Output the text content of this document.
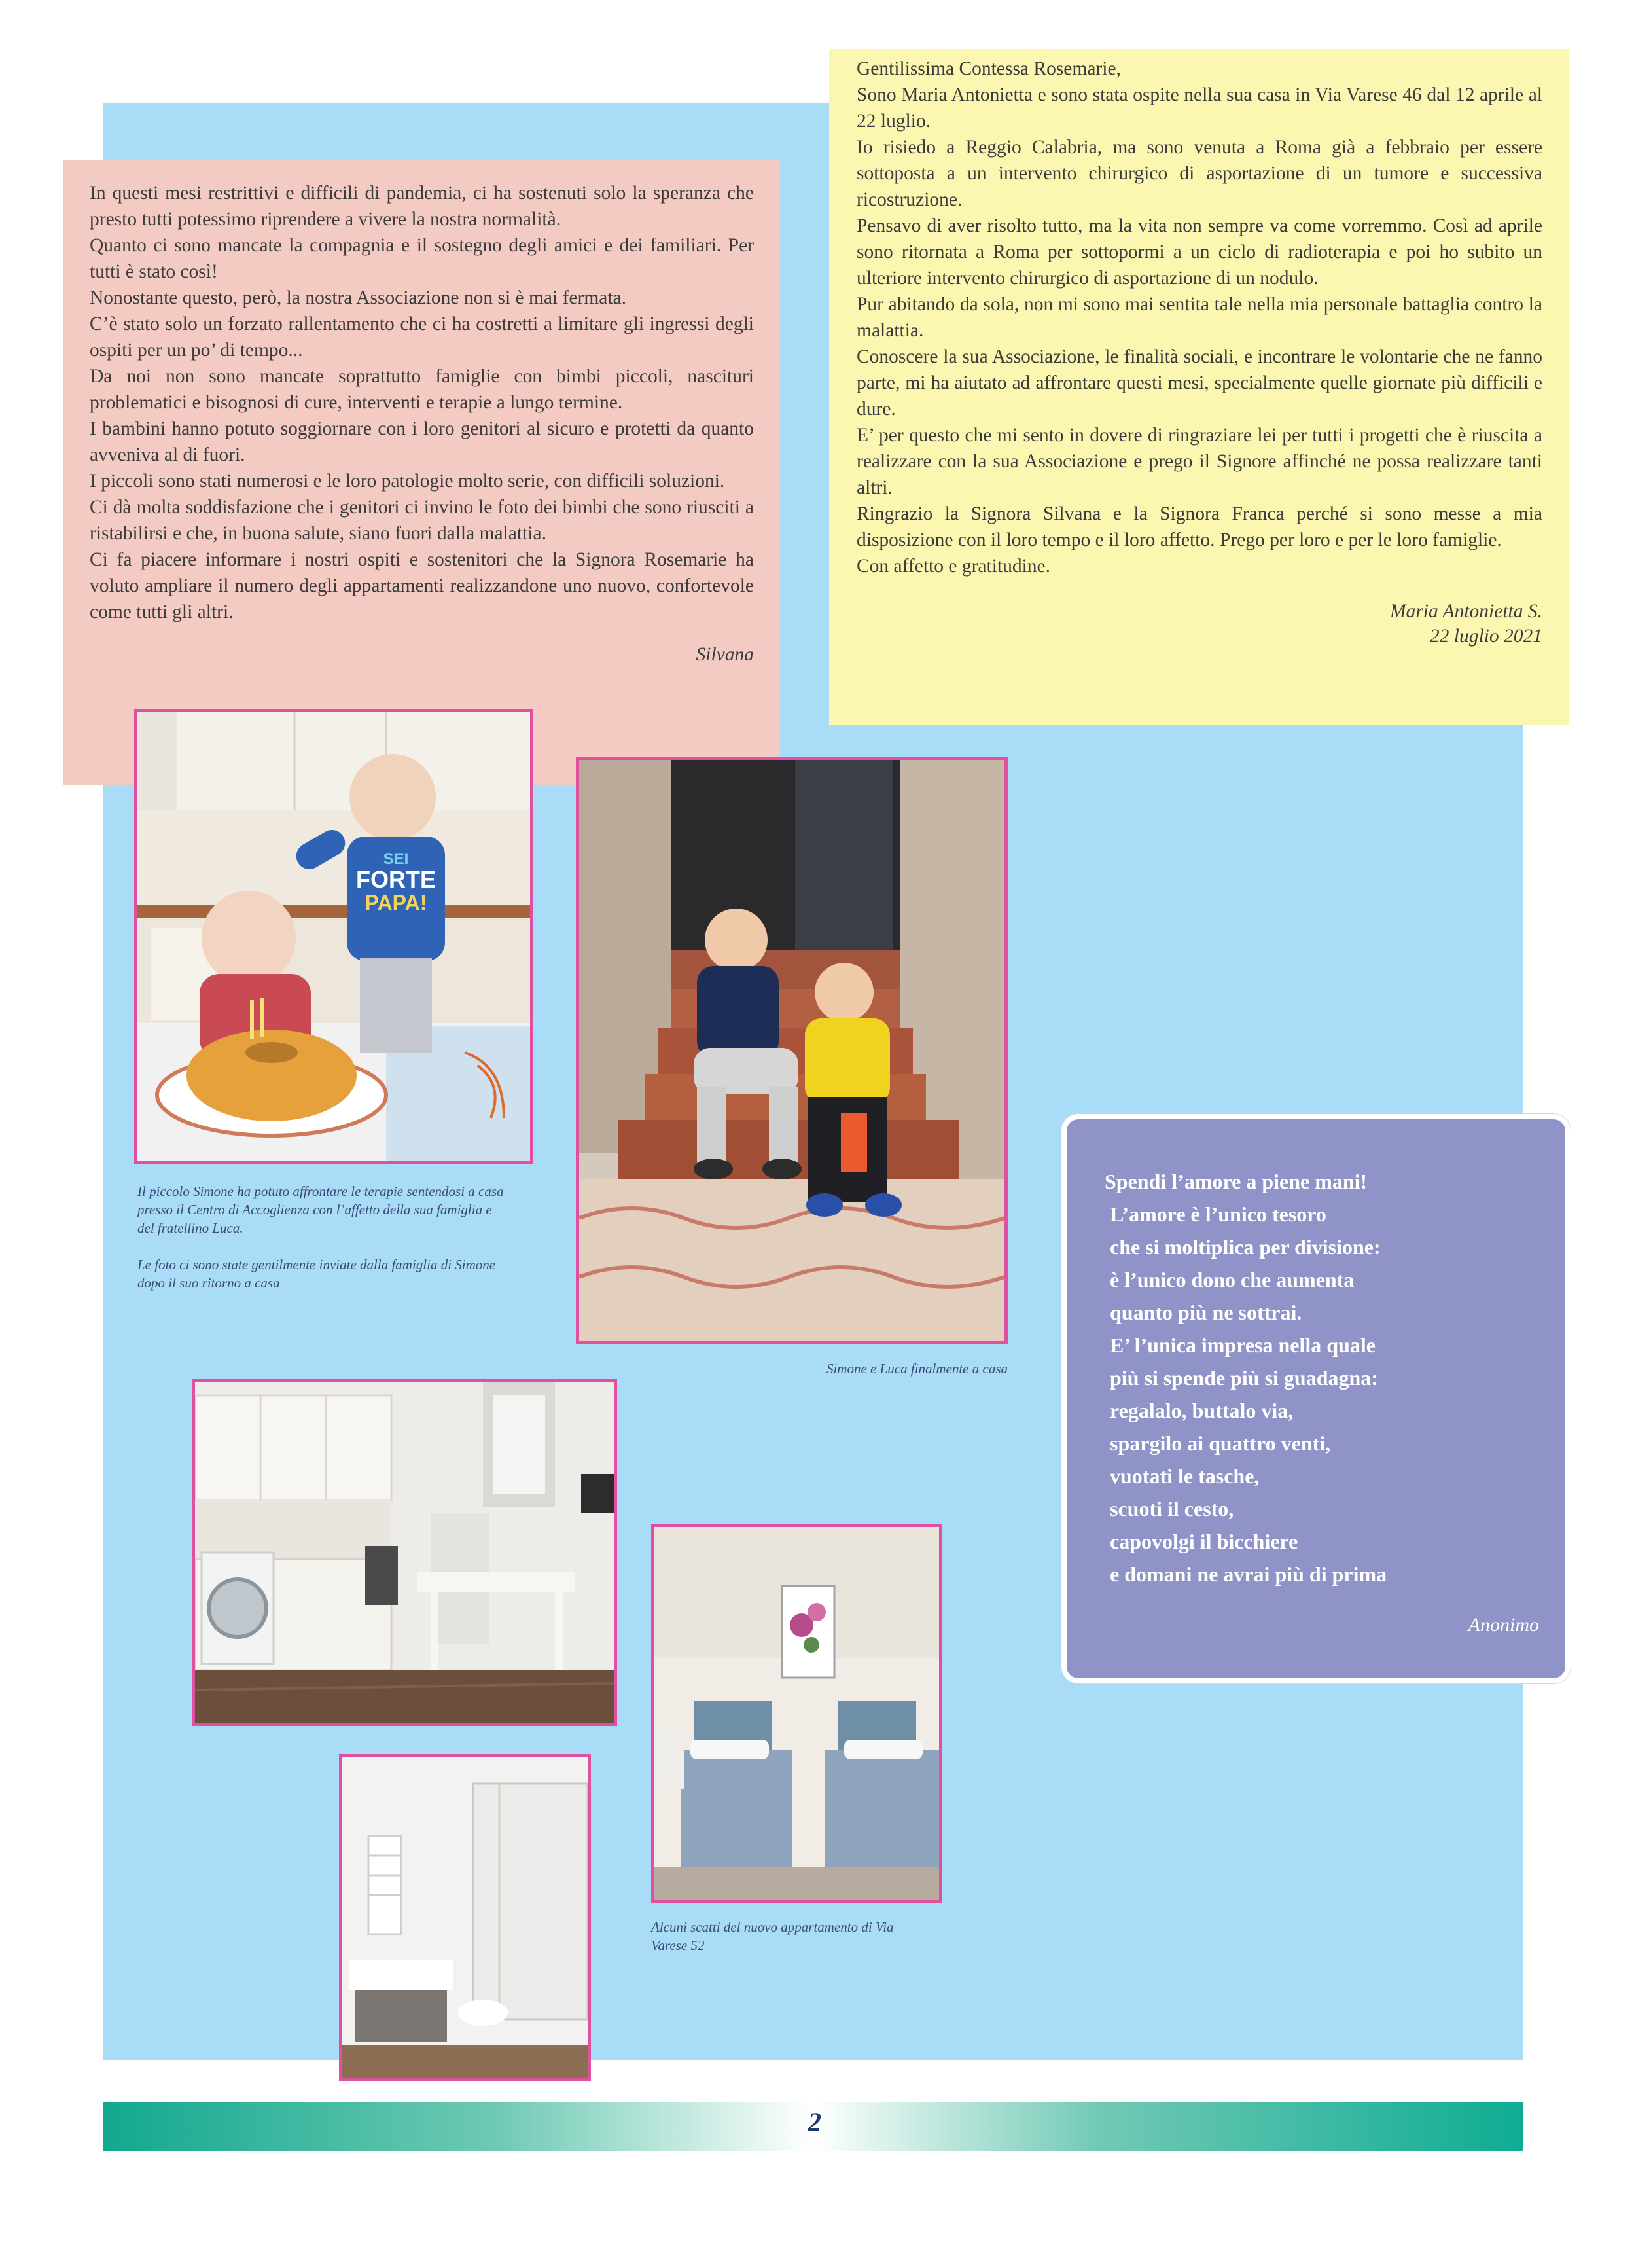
In questi mesi restrittivi e difficili di pandemia, ci ha sostenuti solo la speranza che presto tutti potessimo riprendere a vivere la nostra normalità.

Quanto ci sono mancate la compagnia e il sostegno degli amici e dei familiari. Per tutti è stato così!

Nonostante questo, però, la nostra Associazione non si è mai fermata.

C’è stato solo un forzato rallentamento che ci ha costretti a limitare gli ingressi degli ospiti per un po’ di tempo...

Da noi non sono mancate soprattutto famiglie con bimbi piccoli, nascituri problematici e bisognosi di cure, interventi e terapie a lungo termine.

I bambini hanno potuto soggiornare con i loro genitori al sicuro e protetti da quanto avveniva al di fuori.

I piccoli sono stati numerosi e le loro patologie molto serie, con difficili soluzioni.

Ci dà molta soddisfazione che i genitori ci invino le foto dei bimbi che sono riusciti a ristabilirsi e che, in buona salute, siano fuori dalla malattia.

Ci fa piacere informare i nostri ospiti e sostenitori che la Signora Rosemarie ha voluto ampliare il numero degli appartamenti realizzandone uno nuovo, confortevole come tutti gli altri.

Silvana

Gentilissima Contessa Rosemarie,

Sono Maria Antonietta e sono stata ospite nella sua casa in Via Varese 46 dal 12 aprile al 22 luglio.

Io risiedo a Reggio Calabria, ma sono venuta a Roma già a febbraio per essere sottoposta a un intervento chirurgico di asportazione di un tumore e successiva ricostruzione.

Pensavo di aver risolto tutto, ma la vita non sempre va come vorremmo. Così ad aprile sono ritornata a Roma per sottopormi a un ciclo di radioterapia e poi ho subito un ulteriore intervento chirurgico di asportazione di un nodulo.

Pur abitando da sola, non mi sono mai sentita tale nella mia personale battaglia contro la malattia.

Conoscere la sua Associazione, le finalità sociali, e incontrare le volontarie che ne fanno parte, mi ha aiutato ad affrontare questi mesi, specialmente quelle giornate più difficili e dure.

E’ per questo che mi sento in dovere di ringraziare lei per tutti i progetti che è riuscita a realizzare con la sua Associazione e prego il Signore affinché ne possa realizzare tanti altri.

Ringrazio la Signora Silvana e la Signora Franca perché si sono messe a mia disposizione con il loro tempo e il loro affetto. Prego per loro e per le loro famiglie.

Con affetto e gratitudine.

Maria Antonietta S.
22 luglio 2021
SEI
FORTE
PAPA!
Il piccolo Simone ha potuto affrontare le terapie sentendosi a casa presso il Centro di Accoglienza con l’affetto della sua famiglia e del fratellino Luca.
Le foto ci sono state gentilmente inviate dalla famiglia di Simone dopo il suo ritorno a casa
Simone e Luca finalmente a casa
Alcuni scatti del nuovo appartamento di Via Varese 52
Spendi l’amore a piene mani!
L’amore è l’unico tesoro
che si moltiplica per divisione:
è l’unico dono che aumenta
quanto più ne sottrai.
E’ l’unica impresa nella quale
più si spende più si guadagna:
regalalo, buttalo via,
spargilo ai quattro venti,
vuotati le tasche,
scuoti il cesto,
capovolgi il bicchiere
e domani ne avrai più di prima
Anonimo
2
